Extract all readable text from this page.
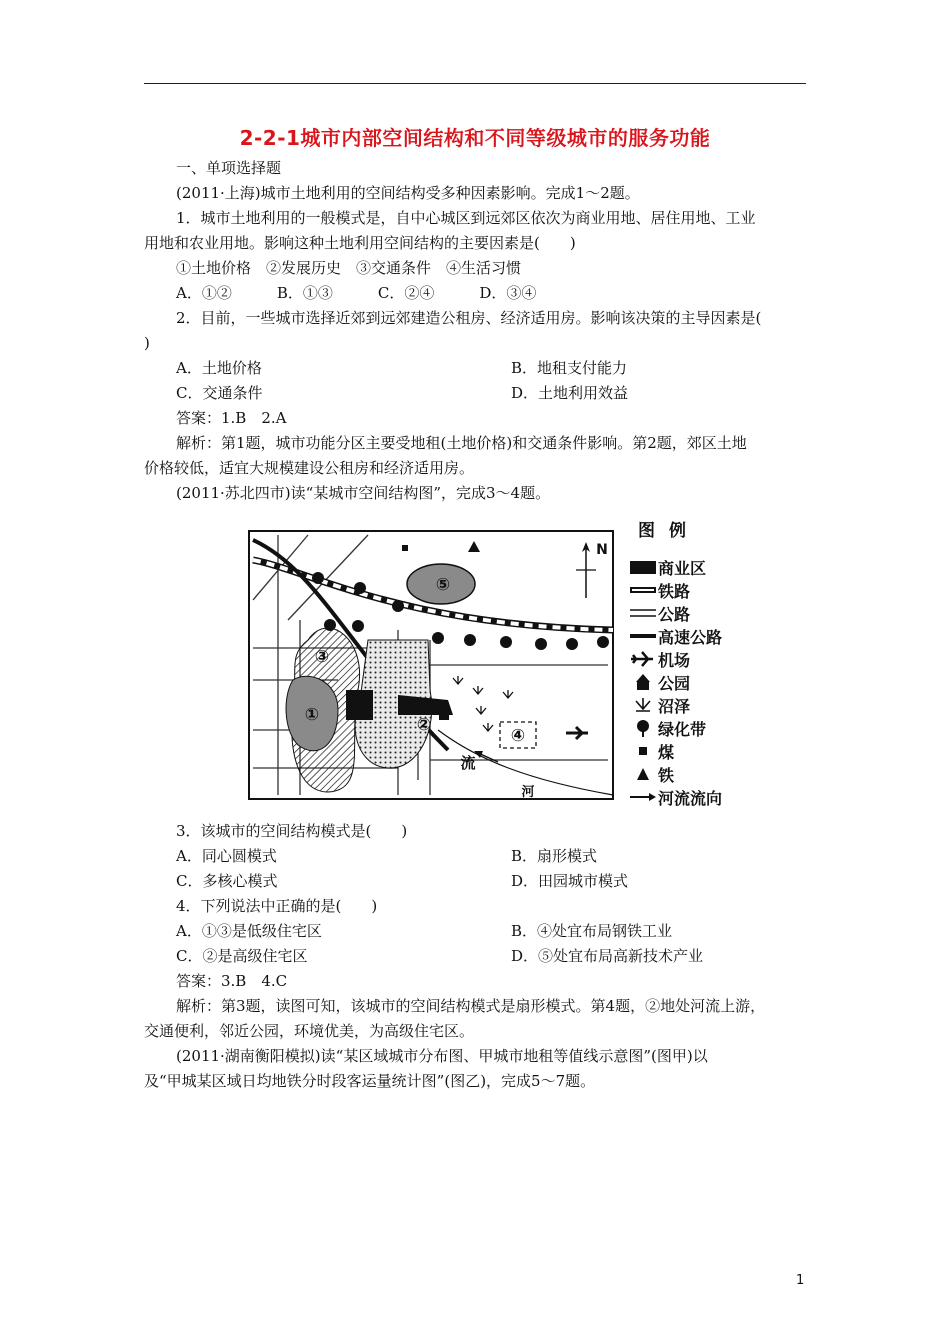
2-2-1城市内部空间结构和不同等级城市的服务功能
一、单项选择题
(2011·上海)城市土地利用的空间结构受多种因素影响。完成1～2题。
1．城市土地利用的一般模式是，自中心城区到远郊区依次为商业用地、居住用地、工业
用地和农业用地。影响这种土地利用空间结构的主要因素是(　　)
①土地价格　②发展历史　③交通条件　④生活习惯
A．①②　　　B．①③　　　C．②④　　　D．③④
2．目前，一些城市选择近郊到远郊建造公租房、经济适用房。影响该决策的主导因素是(
)
A．土地价格	B．地租支付能力
C．交通条件	D．土地利用效益
答案：1.B　2.A
解析：第1题，城市功能分区主要受地租(土地价格)和交通条件影响。第2题，郊区土地
价格较低，适宜大规模建设公租房和经济适用房。
(2011·苏北四市)读“某城市空间结构图”，完成3～4题。
①	②
③
④
⑤
N
流
河
图例
商业区
铁路
公路
高速公路
机场
公园
沼泽
绿化带
煤
铁
河流流向
3．该城市的空间结构模式是(　　)
A．同心圆模式	B．扇形模式
C．多核心模式	D．田园城市模式
4．下列说法中正确的是(　　)
A．①③是低级住宅区	B．④处宜布局钢铁工业
C．②是高级住宅区	D．⑤处宜布局高新技术产业
答案：3.B　4.C
解析：第3题，读图可知，该城市的空间结构模式是扇形模式。第4题，②地处河流上游，
交通便利，邻近公园，环境优美，为高级住宅区。
(2011·湖南衡阳模拟)读“某区域城市分布图、甲城市地租等值线示意图”(图甲)以
及“甲城某区域日均地铁分时段客运量统计图”(图乙)，完成5～7题。
1
